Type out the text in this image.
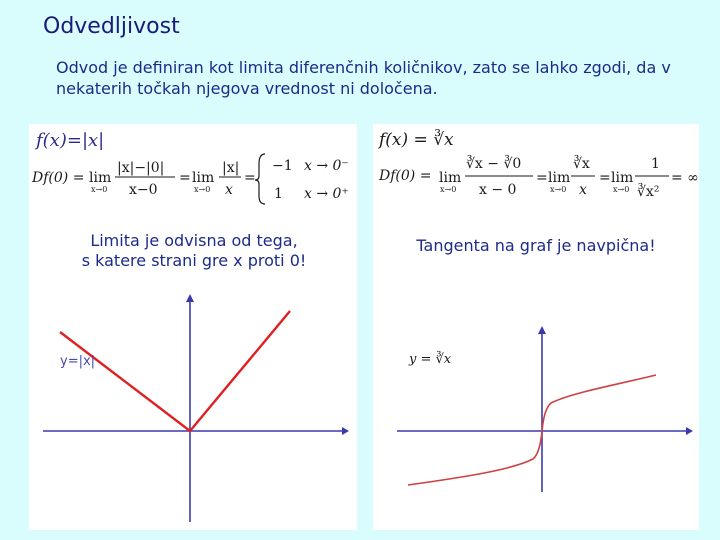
Odvedljivost
Odvod je definiran kot limita diferenčnih količnikov, zato se lahko zgodi, da v nekaterih točkah njegova vrednost ni določena.
f(x)=|x|
Df(0) = lim
x→0
|x|−|0|
x−0
= lim
x→0
|x|
x
=
−1 x → 0⁻
1 x → 0⁺
Limita je odvisna od tega,
s katere strani gre x proti 0!
y=|x|
f(x) = ∛x
Df(0) = lim
x→0
∛x − ∛0
x − 0
= lim
x→0
∛x
x
= lim
x→0
1
∛x²
= ∞
Tangenta na graf je navpična!
y = ∛x
